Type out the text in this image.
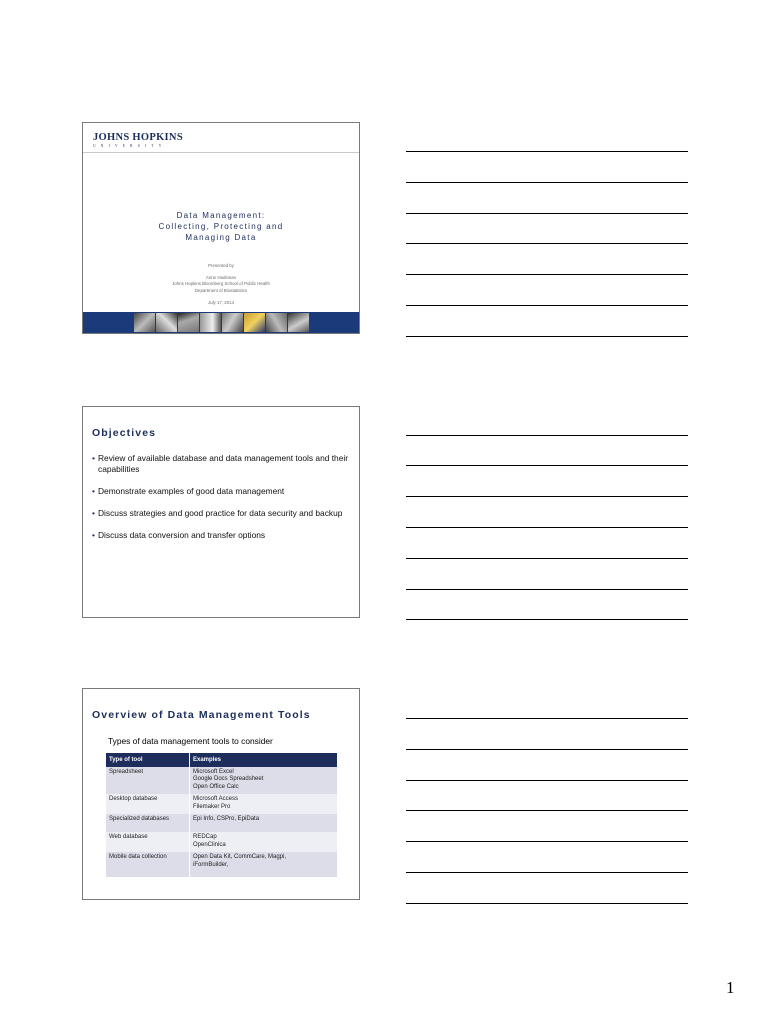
JOHNS HOPKINS
UNIVERSITY
Data Management:
Collecting, Protecting and
Managing Data
Presented by
Anne Hadsman
Johns Hopkins Bloomberg School of Public Health
Department of Biostatistics
July 17, 2014
Objectives
• Review of available database and data management tools and their capabilities
• Demonstrate examples of good data management
• Discuss strategies and good practice for data security and backup
• Discuss data conversion and transfer options
Overview of Data Management Tools
Types of data management tools to consider
Type of tool	Examples

Spreadsheet	Microsoft Excel
Google Docs Spreadsheet
Open Office Calc

Desktop database	Microsoft Access
Filemaker Pro

Specialized databases	Epi Info, CSPro, EpiData

Web database	REDCap
OpenClinica

Mobile data collection	Open Data Kit, CommCare, Magpi,
iFormBuilder,
1
